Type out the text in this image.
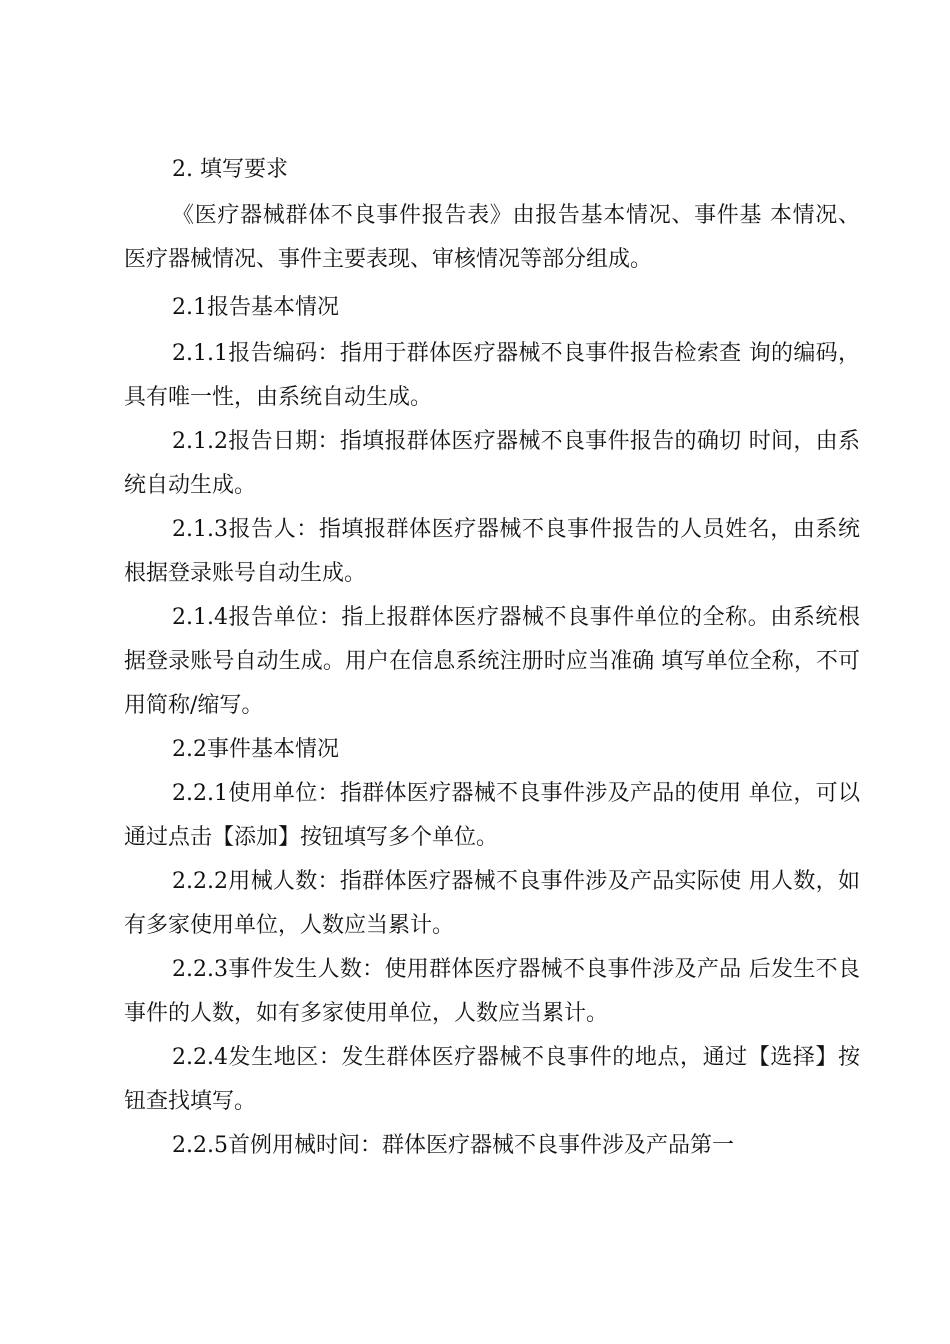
2. 填写要求

《医疗器械群体不良事件报告表》由报告基本情况、事件基 本情况、医疗器械情况、事件主要表现、审核情况等部分组成。

2.1报告基本情况

2.1.1报告编码：指用于群体医疗器械不良事件报告检索查 询的编码，具有唯一性，由系统自动生成。

2.1.2报告日期：指填报群体医疗器械不良事件报告的确切 时间，由系统自动生成。

2.1.3报告人：指填报群体医疗器械不良事件报告的人员姓名，由系统根据登录账号自动生成。

2.1.4报告单位：指上报群体医疗器械不良事件单位的全称。由系统根据登录账号自动生成。用户在信息系统注册时应当准确 填写单位全称，不可用简称/缩写。

2.2事件基本情况

2.2.1使用单位：指群体医疗器械不良事件涉及产品的使用 单位，可以通过点击【添加】按钮填写多个单位。

2.2.2用械人数：指群体医疗器械不良事件涉及产品实际使 用人数，如有多家使用单位，人数应当累计。

2.2.3事件发生人数：使用群体医疗器械不良事件涉及产品 后发生不良事件的人数，如有多家使用单位，人数应当累计。

2.2.4发生地区：发生群体医疗器械不良事件的地点，通过【选择】按钮查找填写。

2.2.5首例用械时间：群体医疗器械不良事件涉及产品第一
